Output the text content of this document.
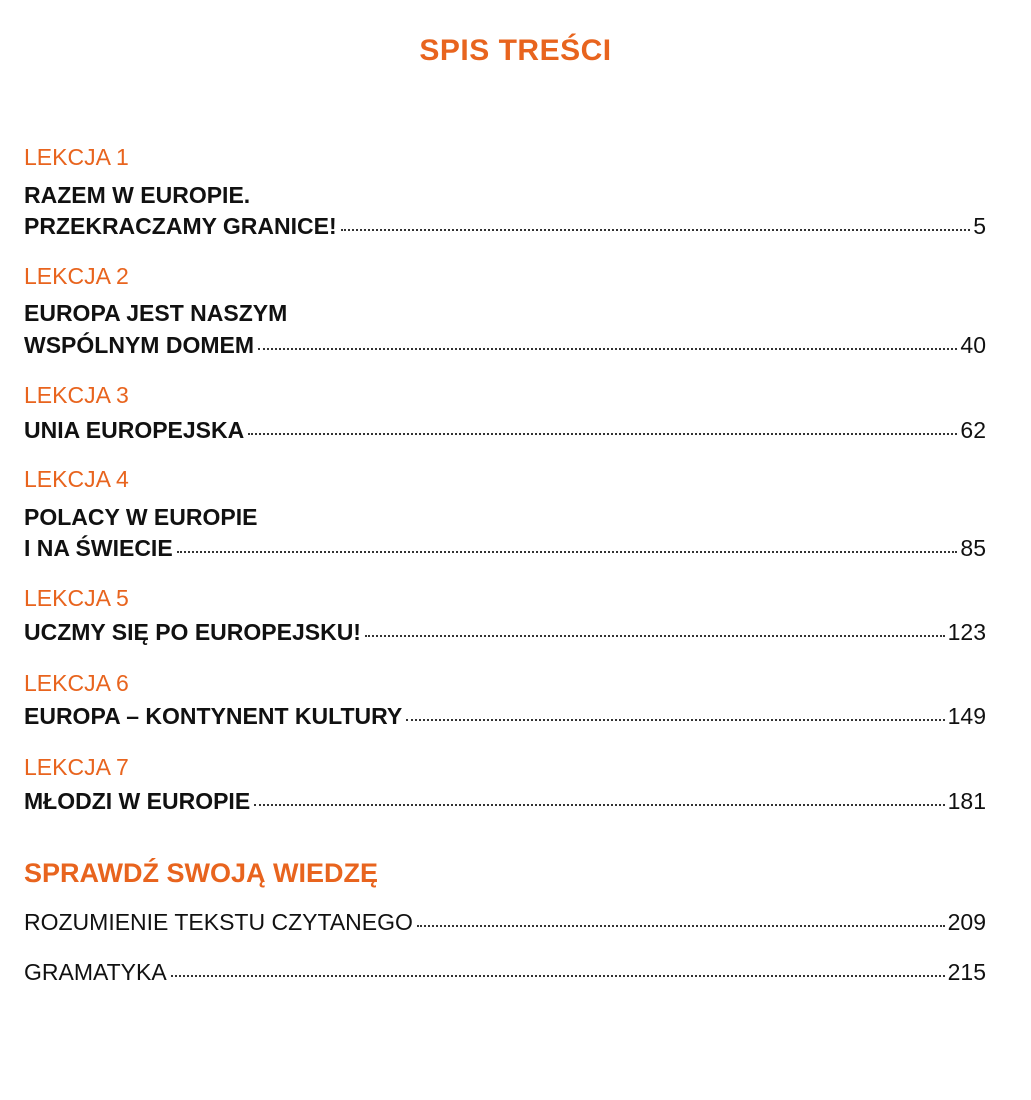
SPIS TREŚCI
LEKCJA 1
RAZEM W EUROPIE.
PRZEKRACZAMY GRANICE!	5
LEKCJA 2
EUROPA JEST NASZYM
WSPÓLNYM DOMEM	40
LEKCJA 3
UNIA EUROPEJSKA	62
LEKCJA 4
POLACY W EUROPIE
I NA ŚWIECIE	85
LEKCJA 5
UCZMY SIĘ PO EUROPEJSKU!	123
LEKCJA 6
EUROPA – KONTYNENT KULTURY	149
LEKCJA 7
MŁODZI W EUROPIE	181
SPRAWDŹ SWOJĄ WIEDZĘ
ROZUMIENIE TEKSTU CZYTANEGO	209
GRAMATYKA	215
